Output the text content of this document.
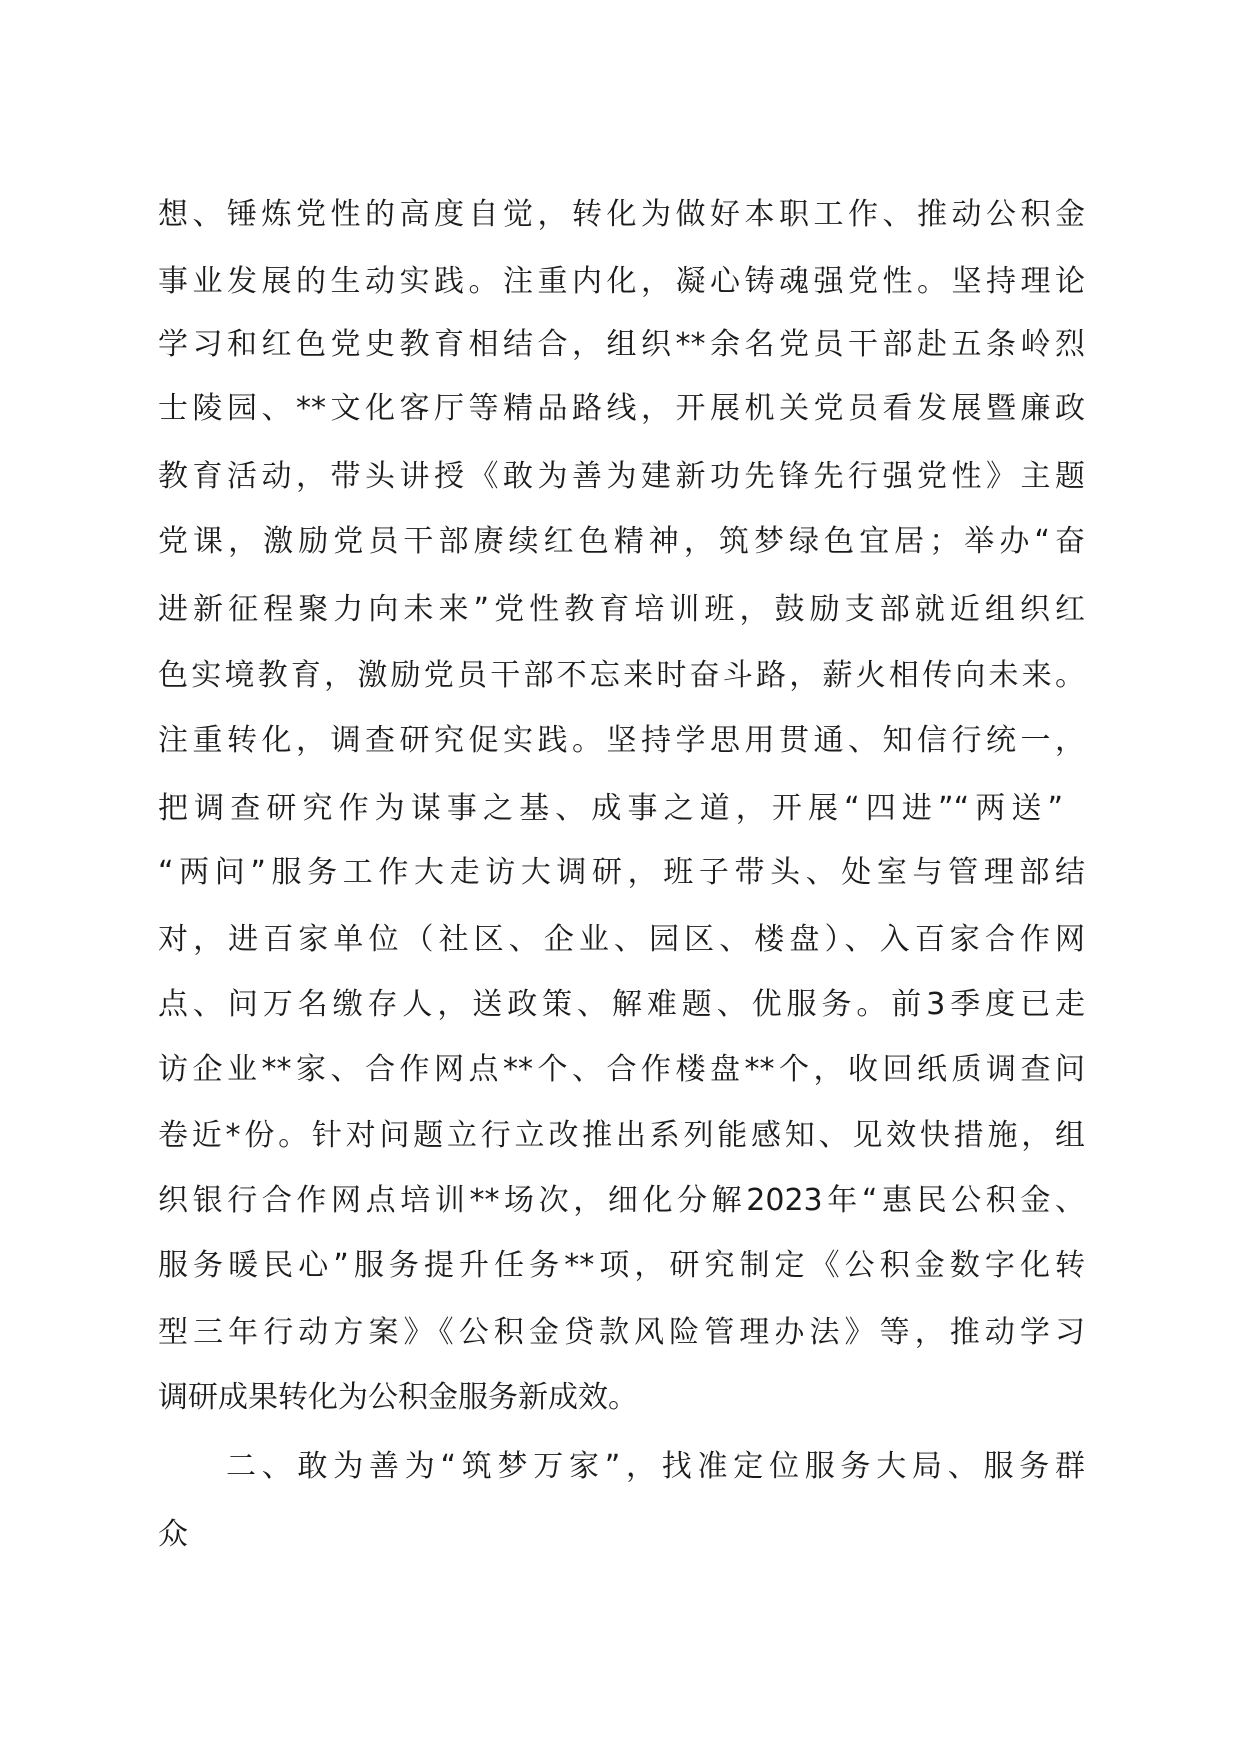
想、锤炼党性的高度自觉，转化为做好本职工作、推动公积金
事业发展的生动实践。注重内化，凝心铸魂强党性。坚持理论
学习和红色党史教育相结合，组织**余名党员干部赴五条岭烈
士陵园、**文化客厅等精品路线，开展机关党员看发展暨廉政
教育活动，带头讲授《敢为善为建新功先锋先行强党性》主题
党课，激励党员干部赓续红色精神，筑梦绿色宜居；举办“奋
进新征程聚力向未来”党性教育培训班，鼓励支部就近组织红
色实境教育，激励党员干部不忘来时奋斗路，薪火相传向未来。
注重转化，调查研究促实践。坚持学思用贯通、知信行统一，
把调查研究作为谋事之基、成事之道，开展“四进”“两送”
“两问”服务工作大走访大调研，班子带头、处室与管理部结
对，进百家单位（社区、企业、园区、楼盘）、入百家合作网
点、问万名缴存人，送政策、解难题、优服务。前3季度已走
访企业**家、合作网点**个、合作楼盘**个，收回纸质调查问
卷近*份。针对问题立行立改推出系列能感知、见效快措施，组
织银行合作网点培训**场次，细化分解2023年“惠民公积金、
服务暖民心”服务提升任务**项，研究制定《公积金数字化转
型三年行动方案》《公积金贷款风险管理办法》等，推动学习
调研成果转化为公积金服务新成效。
二、敢为善为“筑梦万家”，找准定位服务大局、服务群
众
